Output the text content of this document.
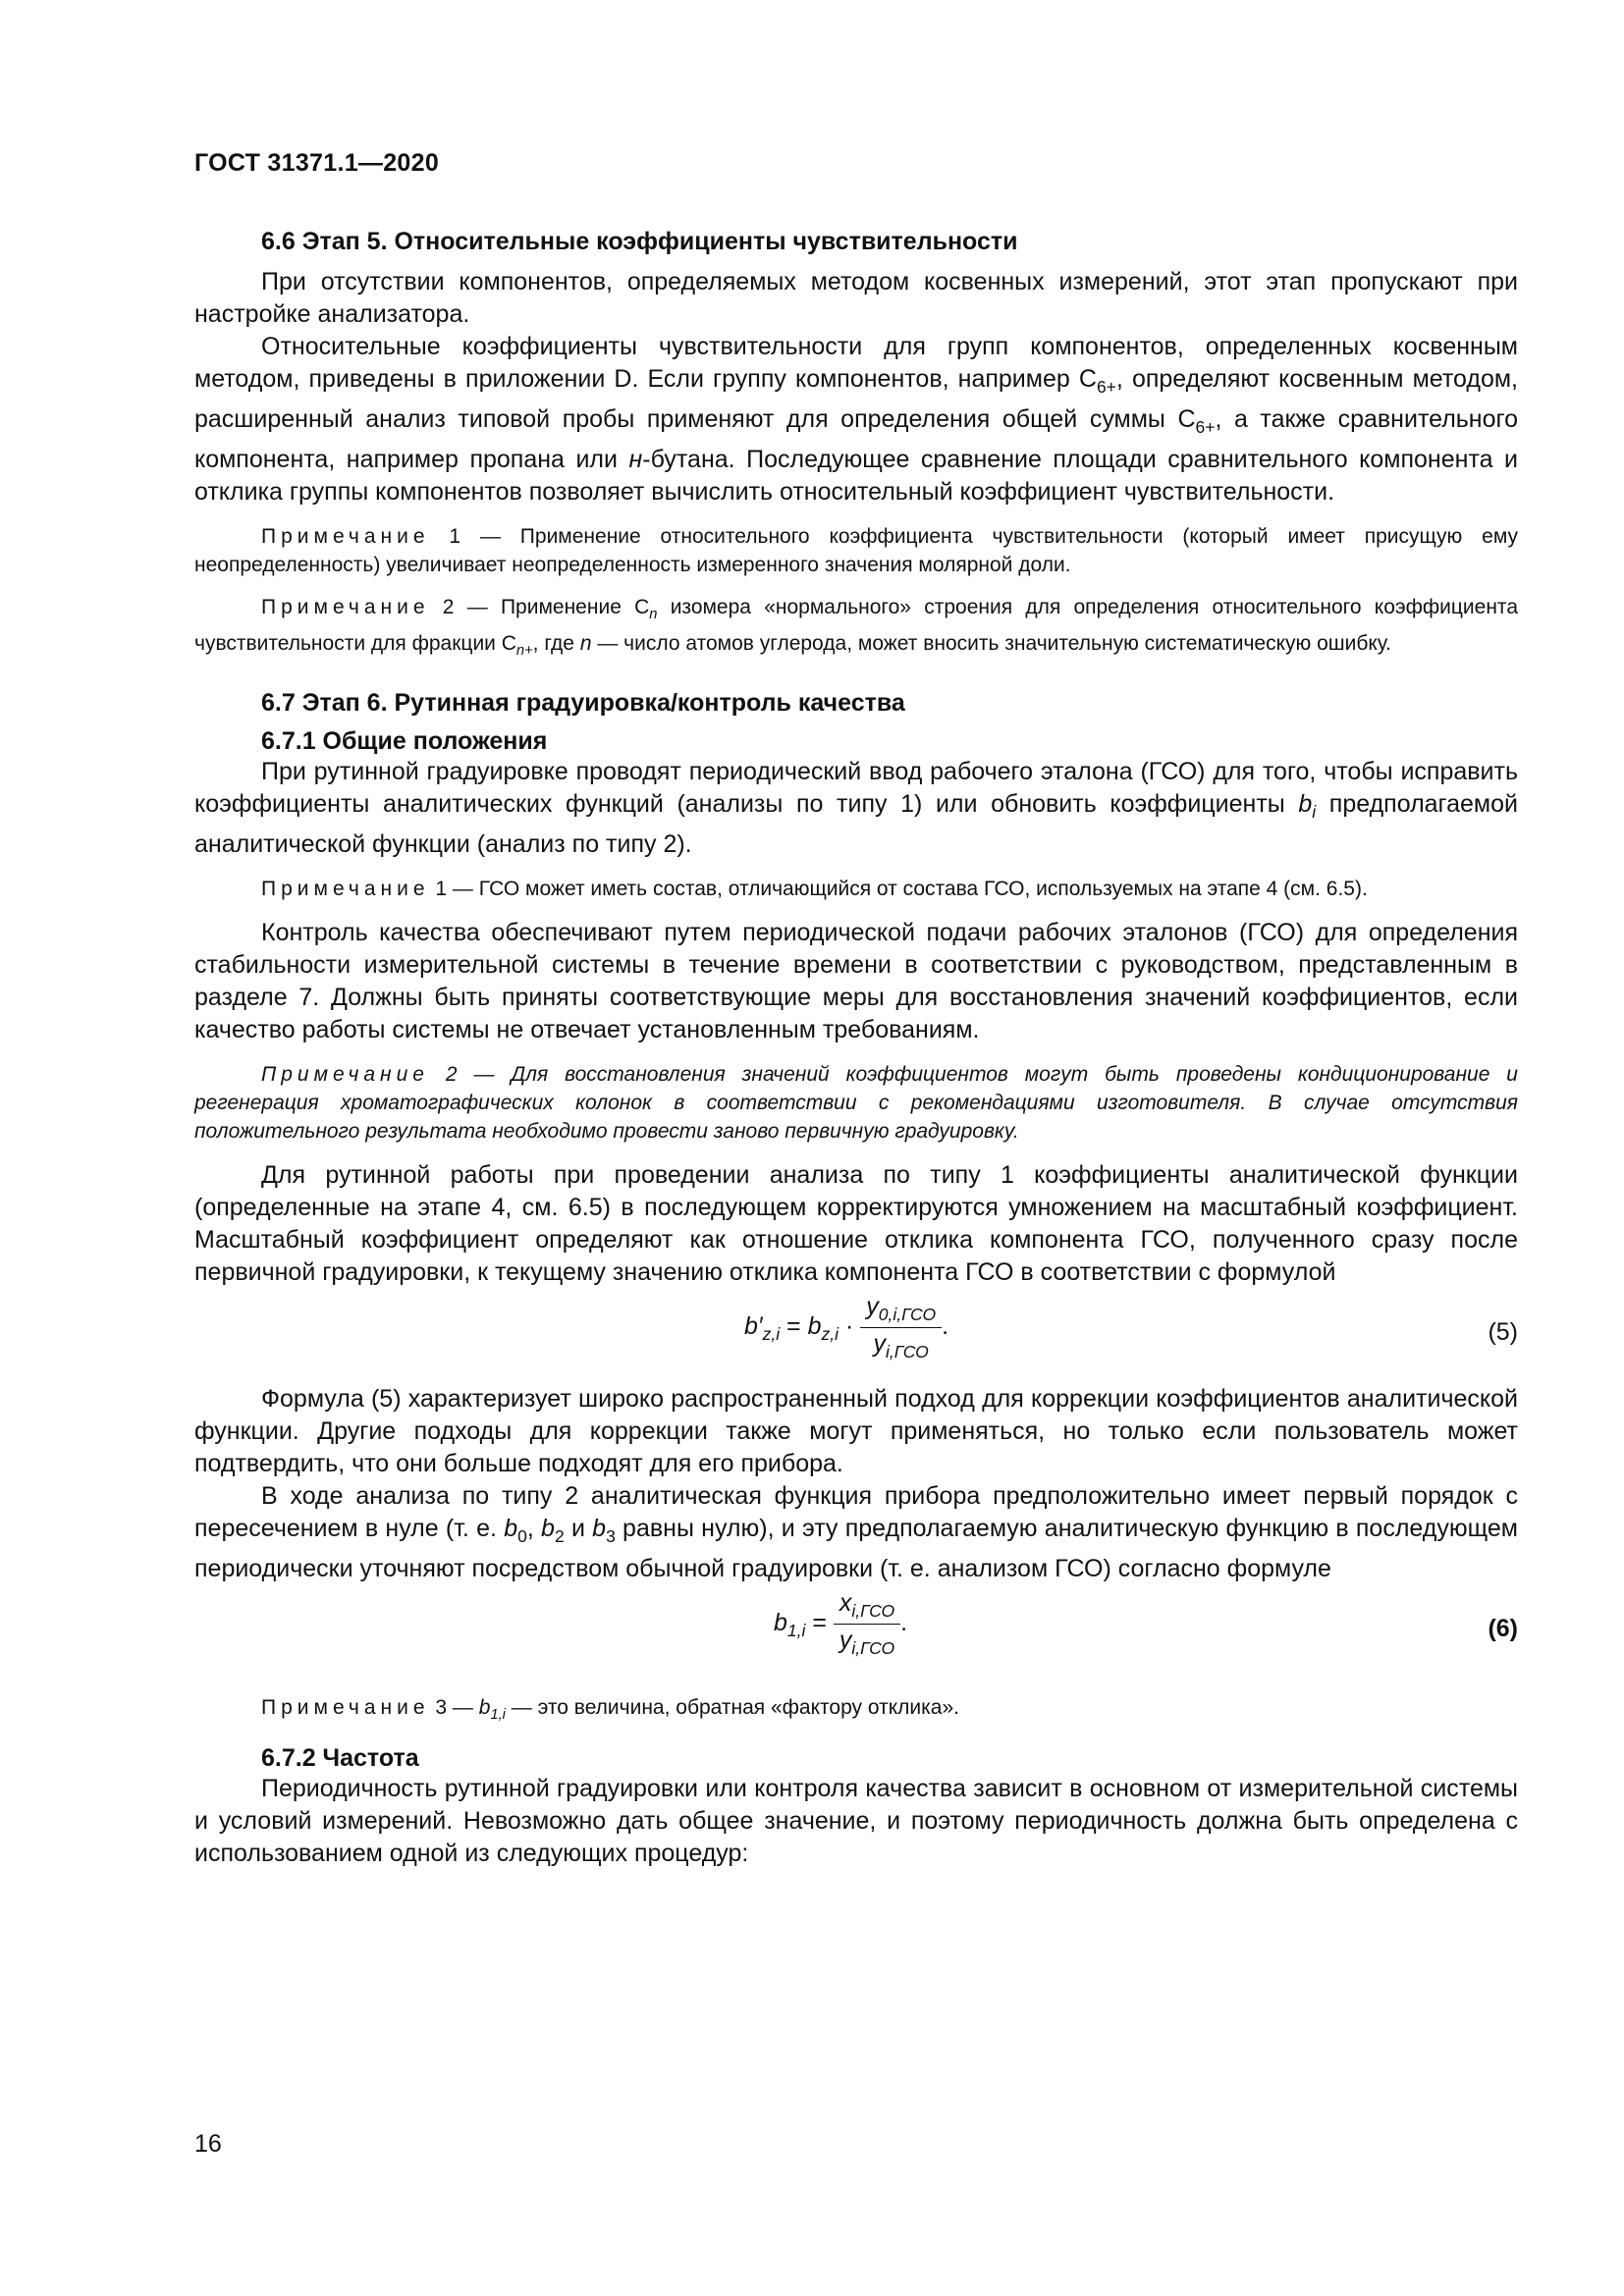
ГОСТ 31371.1—2020
6.6 Этап 5. Относительные коэффициенты чувствительности

При отсутствии компонентов, определяемых методом косвенных измерений, этот этап пропускают при настройке анализатора.

Относительные коэффициенты чувствительности для групп компонентов, определенных косвенным методом, приведены в приложении D. Если группу компонентов, например $С_{6+}$, определяют косвенным методом, расширенный анализ типовой пробы применяют для определения общей суммы $С_{6+}$, а также сравнительного компонента, например пропана или н-бутана. Последующее сравнение площади сравнительного компонента и отклика группы компонентов позволяет вычислить относительный коэффициент чувствительности.

Примечание 1 — Применение относительного коэффициента чувствительности (который имеет присущую ему неопределенность) увеличивает неопределенность измеренного значения молярной доли.

Примечание 2 — Применение $С_n$ изомера «нормального» строения для определения относительного коэффициента чувствительности для фракции $С_{n+}$, где n — число атомов углерода, может вносить значительную систематическую ошибку.

6.7 Этап 6. Рутинная градуировка/контроль качества
6.7.1 Общие положения

При рутинной градуировке проводят периодический ввод рабочего эталона (ГСО) для того, чтобы исправить коэффициенты аналитических функций (анализы по типу 1) или обновить коэффициенты $b_i$ предполагаемой аналитической функции (анализ по типу 2).

Примечание 1 — ГСО может иметь состав, отличающийся от состава ГСО, используемых на этапе 4 (см. 6.5).

Контроль качества обеспечивают путем периодической подачи рабочих эталонов (ГСО) для определения стабильности измерительной системы в течение времени в соответствии с руководством, представленным в разделе 7. Должны быть приняты соответствующие меры для восстановления значений коэффициентов, если качество работы системы не отвечает установленным требованиям.

Примечание 2 — Для восстановления значений коэффициентов могут быть проведены кондиционирование и регенерация хроматографических колонок в соответствии с рекомендациями изготовителя. В случае отсутствия положительного результата необходимо провести заново первичную градуировку.

Для рутинной работы при проведении анализа по типу 1 коэффициенты аналитической функции (определенные на этапе 4, см. 6.5) в последующем корректируются умножением на масштабный коэффициент. Масштабный коэффициент определяют как отношение отклика компонента ГСО, полученного сразу после первичной градуировки, к текущему значению отклика компонента ГСО в соответствии с формулой

$b'_{z,i} = b_{z,i} \cdot \frac{y_{0,i,ГСО}}{y_{i,ГСО}}$ .	(5)

Формула (5) характеризует широко распространенный подход для коррекции коэффициентов аналитической функции. Другие подходы для коррекции также могут применяться, но только если пользователь может подтвердить, что они больше подходят для его прибора.

В ходе анализа по типу 2 аналитическая функция прибора предположительно имеет первый порядок с пересечением в нуле (т. е. $b_0$, $b_2$ и $b_3$ равны нулю), и эту предполагаемую аналитическую функцию в последующем периодически уточняют посредством обычной градуировки (т. е. анализом ГСО) согласно формуле

$b_{1,i} = \frac{x_{i,ГСО}}{y_{i,ГСО}}$ .	(6)

Примечание 3 — $b_{1,i}$ — это величина, обратная «фактору отклика».

6.7.2 Частота

Периодичность рутинной градуировки или контроля качества зависит в основном от измерительной системы и условий измерений. Невозможно дать общее значение, и поэтому периодичность должна быть определена с использованием одной из следующих процедур:

16
